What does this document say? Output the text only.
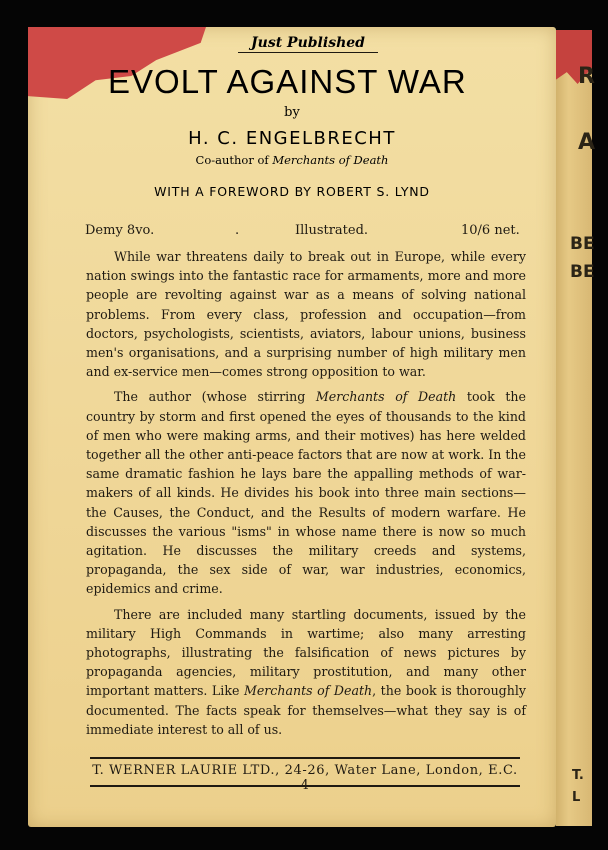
Just Published
EVOLT AGAINST WAR
by
H. C. ENGELBRECHT
Co-author of Merchants of Death
WITH A FOREWORD BY ROBERT S. LYND
Demy 8vo.	.	Illustrated.	10/6 net.

While war threatens daily to break out in Europe, while every nation swings into the fantastic race for armaments, more and more people are revolting against war as a means of solving national problems. From every class, profession and occupation—from doctors, psychologists, scientists, aviators, labour unions, business men's organisations, and a surprising number of high military men and ex-service men—comes strong opposition to war.

The author (whose stirring Merchants of Death took the country by storm and first opened the eyes of thousands to the kind of men who were making arms, and their motives) has here welded together all the other anti-peace factors that are now at work. In the same dramatic fashion he lays bare the appalling methods of war-makers of all kinds. He divides his book into three main sections—the Causes, the Conduct, and the Results of modern warfare. He discusses the various "isms" in whose name there is now so much agitation. He discusses the military creeds and systems, propaganda, the sex side of war, war industries, economics, epidemics and crime.

There are included many startling documents, issued by the military High Commands in wartime; also many arresting photographs, illustrating the falsification of news pictures by propaganda agencies, military prostitution, and many other important matters. Like Merchants of Death, the book is thoroughly documented. The facts speak for themselves—what they say is of immediate interest to all of us.

T. WERNER LAURIE LTD., 24-26, Water Lane, London, E.C. 4
R
A
BE
BE
T.
L
